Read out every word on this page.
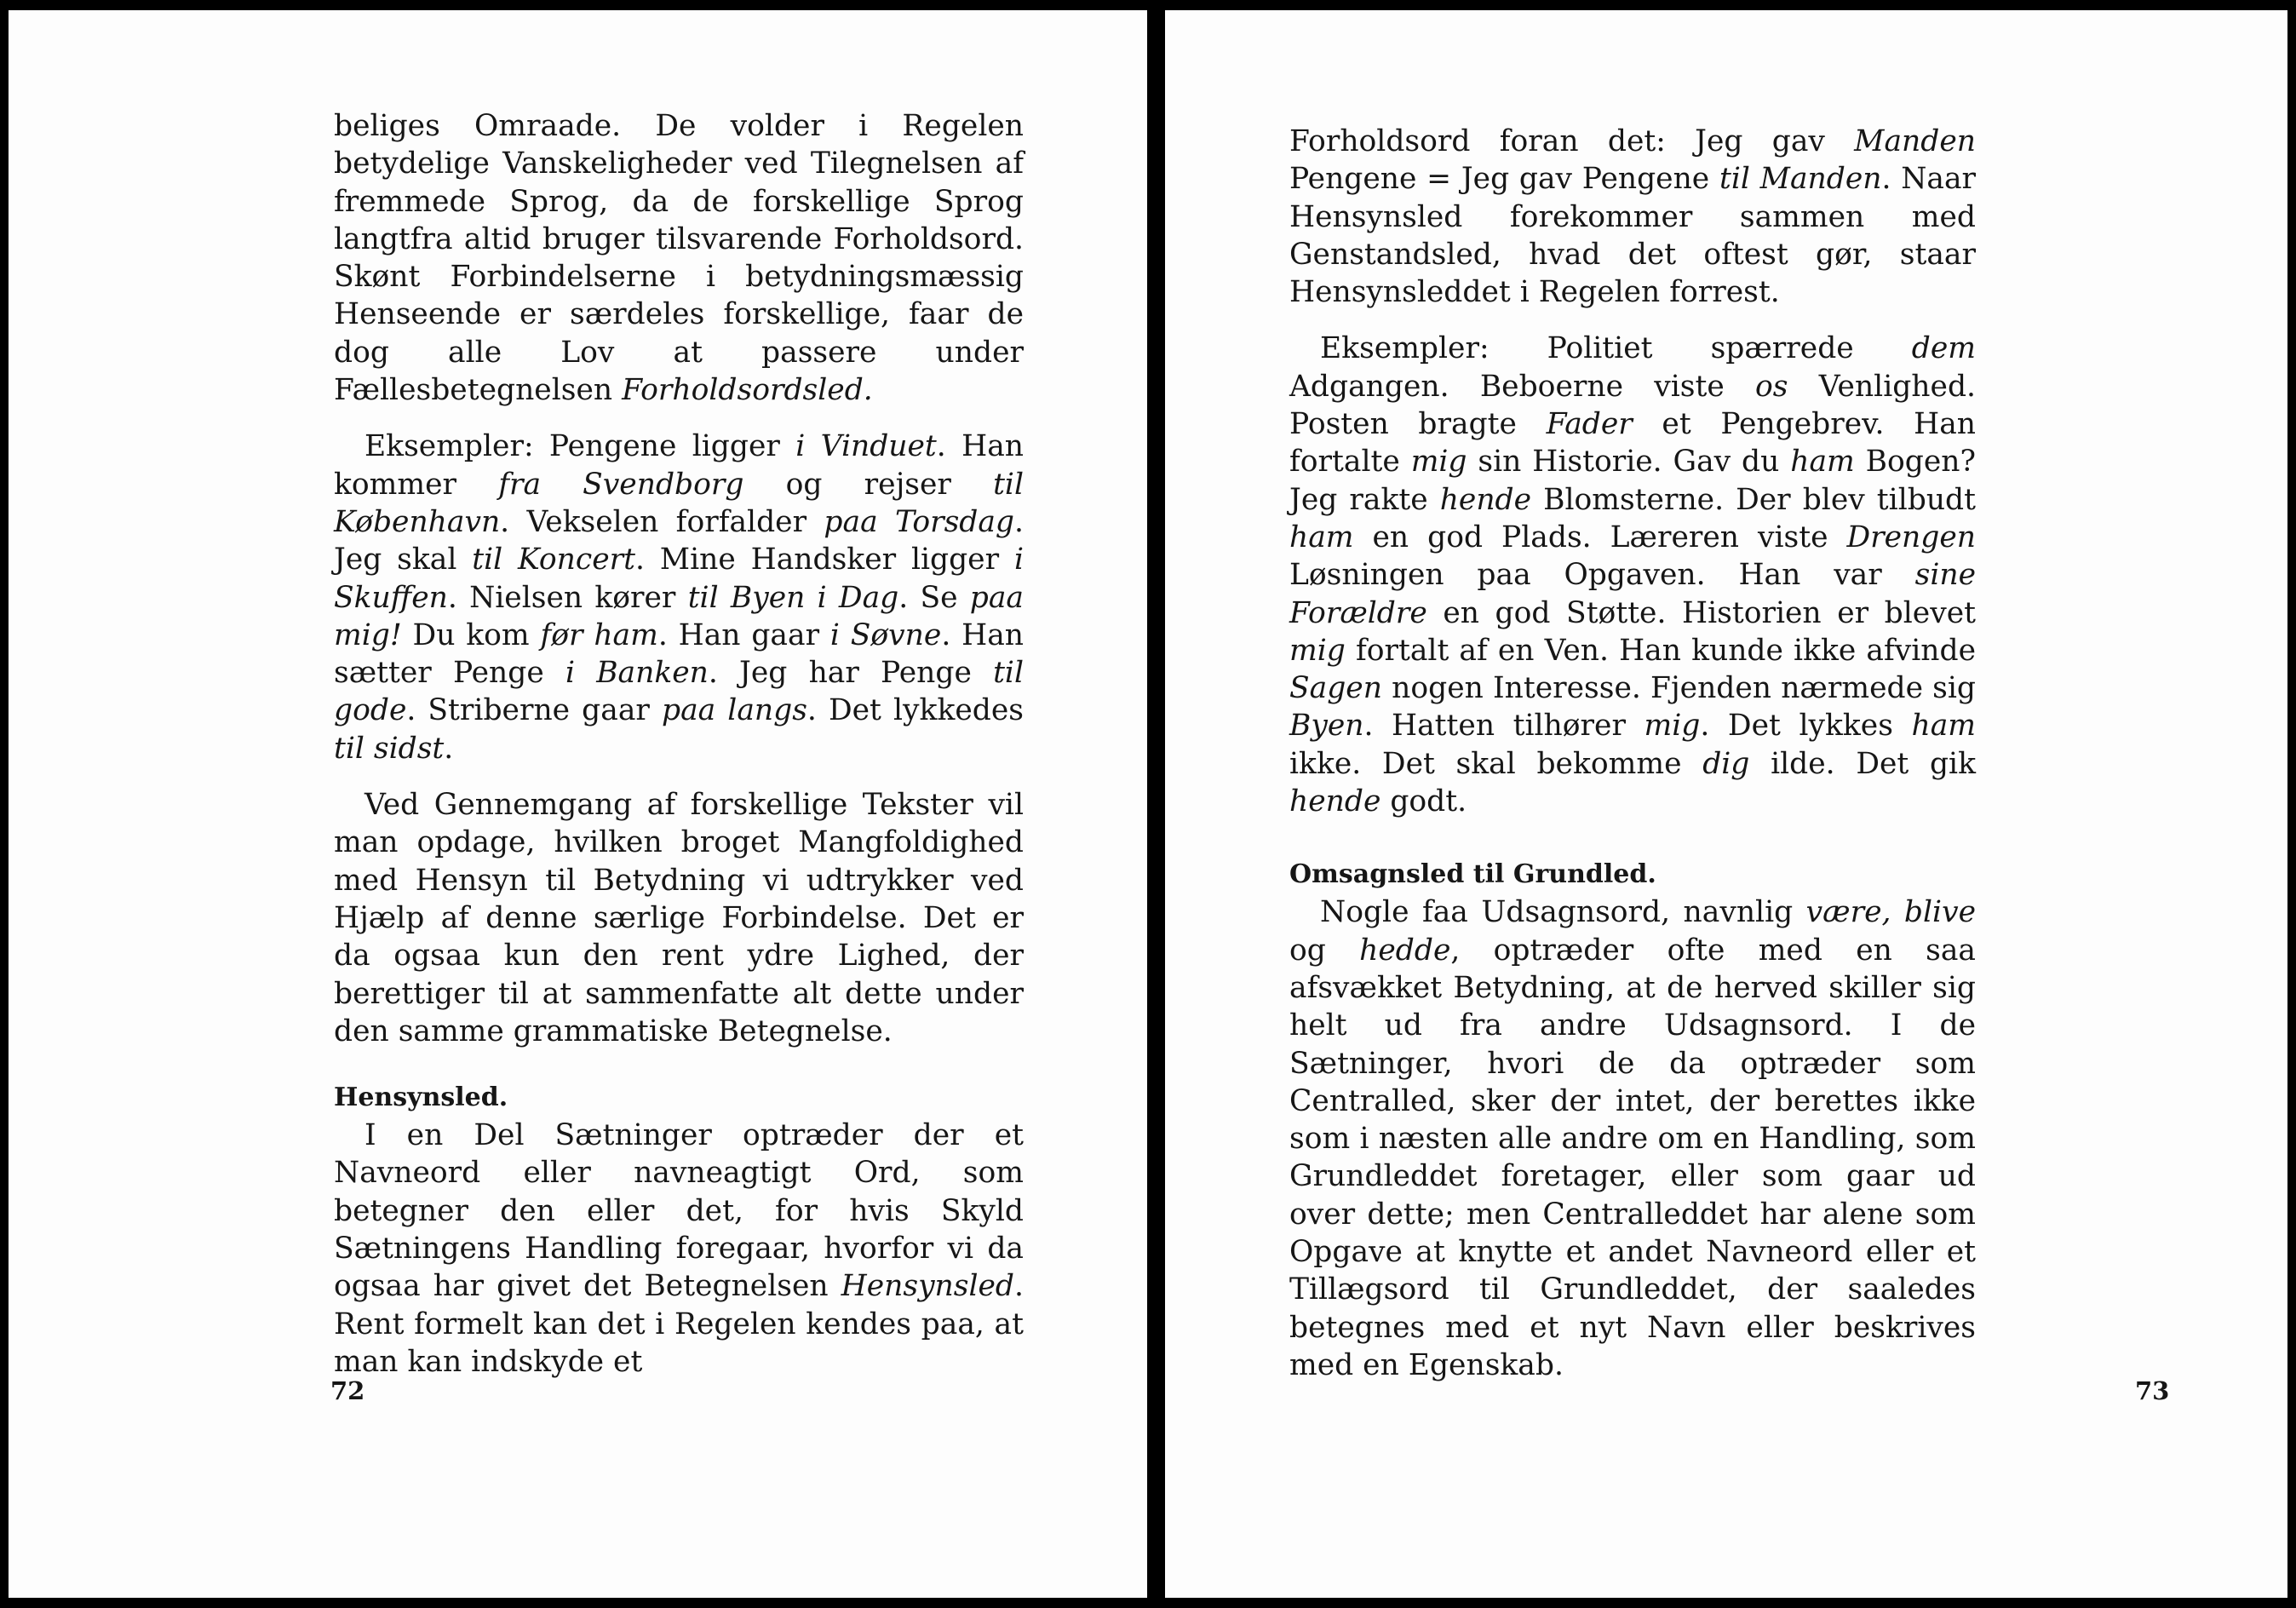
beliges Omraade. De volder i Regelen betydelige Vanskeligheder ved Tilegnelsen af fremmede Sprog, da de forskellige Sprog langtfra altid bruger tilsvarende Forholdsord. Skønt Forbindelserne i betydningsmæssig Henseende er særdeles forskellige, faar de dog alle Lov at passere under Fællesbetegnelsen Forholdsordsled.

Eksempler: Pengene ligger i Vinduet. Han kommer fra Svendborg og rejser til København. Vekselen forfalder paa Torsdag. Jeg skal til Koncert. Mine Handsker ligger i Skuffen. Nielsen kører til Byen i Dag. Se paa mig! Du kom før ham. Han gaar i Søvne. Han sætter Penge i Banken. Jeg har Penge til gode. Striberne gaar paa langs. Det lykkedes til sidst.

Ved Gennemgang af forskellige Tekster vil man opdage, hvilken broget Mangfoldighed med Hensyn til Betydning vi udtrykker ved Hjælp af denne særlige Forbindelse. Det er da ogsaa kun den rent ydre Lighed, der berettiger til at sammenfatte alt dette under den samme grammatiske Betegnelse.

Hensynsled.

I en Del Sætninger optræder der et Navneord eller navneagtigt Ord, som betegner den eller det, for hvis Skyld Sætningens Handling foregaar, hvorfor vi da ogsaa har givet det Betegnelsen Hensynsled. Rent formelt kan det i Regelen kendes paa, at man kan indskyde et

72

Forholdsord foran det: Jeg gav Manden Pengene = Jeg gav Pengene til Manden. Naar Hensynsled forekommer sammen med Genstandsled, hvad det oftest gør, staar Hensynsleddet i Regelen forrest.

Eksempler: Politiet spærrede dem Adgangen. Beboerne viste os Venlighed. Posten bragte Fader et Pengebrev. Han fortalte mig sin Historie. Gav du ham Bogen? Jeg rakte hende Blomsterne. Der blev tilbudt ham en god Plads. Læreren viste Drengen Løsningen paa Opgaven. Han var sine Forældre en god Støtte. Historien er blevet mig fortalt af en Ven. Han kunde ikke afvinde Sagen nogen Interesse. Fjenden nærmede sig Byen. Hatten tilhører mig. Det lykkes ham ikke. Det skal bekomme dig ilde. Det gik hende godt.

Omsagnsled til Grundled.

Nogle faa Udsagnsord, navnlig være, blive og hedde, optræder ofte med en saa afsvækket Betydning, at de herved skiller sig helt ud fra andre Udsagnsord. I de Sætninger, hvori de da optræder som Centralled, sker der intet, der berettes ikke som i næsten alle andre om en Handling, som Grundleddet foretager, eller som gaar ud over dette; men Centralleddet har alene som Opgave at knytte et andet Navneord eller et Tillægsord til Grundleddet, der saaledes betegnes med et nyt Navn eller beskrives med en Egenskab.

73
